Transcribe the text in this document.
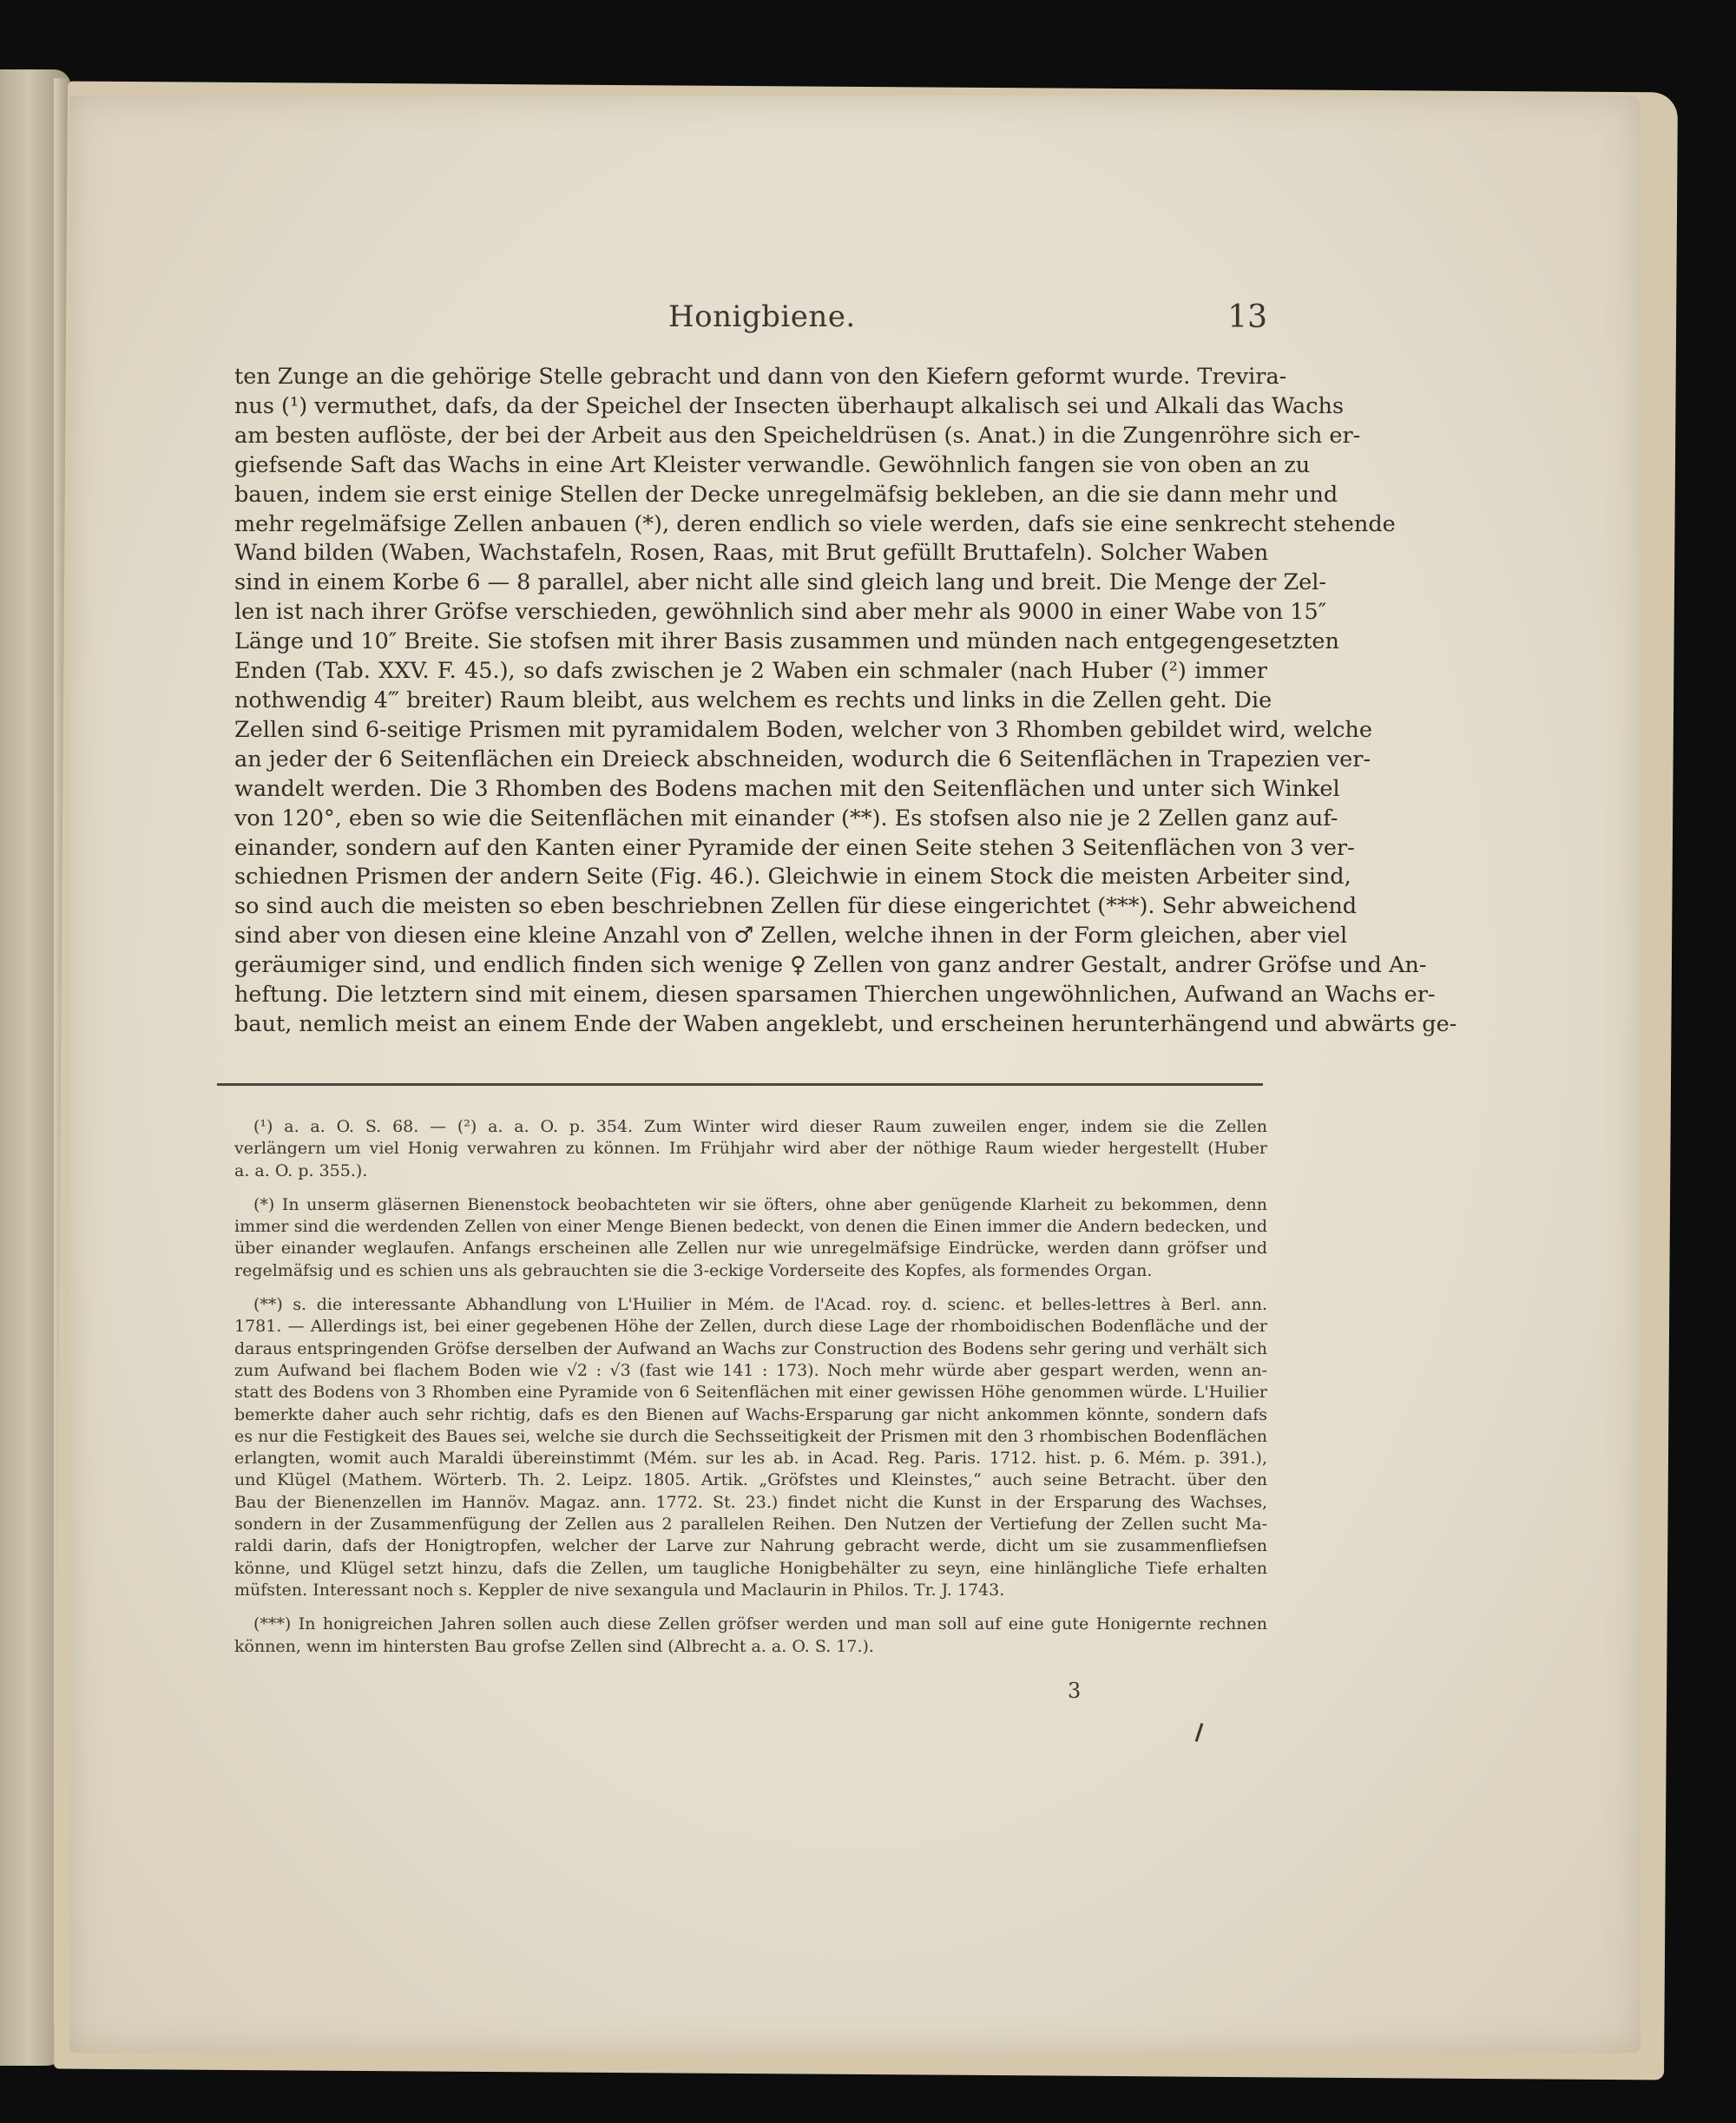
Honigbiene.	13
ten Zunge an die gehörige Stelle gebracht und dann von den Kiefern geformt wurde. Trevira-
nus (¹) vermuthet, dafs, da der Speichel der Insecten überhaupt alkalisch sei und Alkali das Wachs
am besten auflöste, der bei der Arbeit aus den Speicheldrüsen (s. Anat.) in die Zungenröhre sich er-
giefsende Saft das Wachs in eine Art Kleister verwandle. Gewöhnlich fangen sie von oben an zu
bauen, indem sie erst einige Stellen der Decke unregelmäfsig bekleben, an die sie dann mehr und
mehr regelmäfsige Zellen anbauen (*), deren endlich so viele werden, dafs sie eine senkrecht stehende
Wand bilden (Waben, Wachstafeln, Rosen, Raas, mit Brut gefüllt Bruttafeln). Solcher Waben
sind in einem Korbe 6 — 8 parallel, aber nicht alle sind gleich lang und breit. Die Menge der Zel-
len ist nach ihrer Gröfse verschieden, gewöhnlich sind aber mehr als 9000 in einer Wabe von 15″
Länge und 10″ Breite. Sie stofsen mit ihrer Basis zusammen und münden nach entgegengesetzten
Enden (Tab. XXV. F. 45.), so dafs zwischen je 2 Waben ein schmaler (nach Huber (²) immer
nothwendig 4‴ breiter) Raum bleibt, aus welchem es rechts und links in die Zellen geht. Die
Zellen sind 6-seitige Prismen mit pyramidalem Boden, welcher von 3 Rhomben gebildet wird, welche
an jeder der 6 Seitenflächen ein Dreieck abschneiden, wodurch die 6 Seitenflächen in Trapezien ver-
wandelt werden. Die 3 Rhomben des Bodens machen mit den Seitenflächen und unter sich Winkel
von 120°, eben so wie die Seitenflächen mit einander (**). Es stofsen also nie je 2 Zellen ganz auf-
einander, sondern auf den Kanten einer Pyramide der einen Seite stehen 3 Seitenflächen von 3 ver-
schiednen Prismen der andern Seite (Fig. 46.). Gleichwie in einem Stock die meisten Arbeiter sind,
so sind auch die meisten so eben beschriebnen Zellen für diese eingerichtet (***). Sehr abweichend
sind aber von diesen eine kleine Anzahl von ♂ Zellen, welche ihnen in der Form gleichen, aber viel
geräumiger sind, und endlich finden sich wenige ♀ Zellen von ganz andrer Gestalt, andrer Gröfse und An-
heftung. Die letztern sind mit einem, diesen sparsamen Thierchen ungewöhnlichen, Aufwand an Wachs er-
baut, nemlich meist an einem Ende der Waben angeklebt, und erscheinen herunterhängend und abwärts ge-
(¹) a. a. O. S. 68. — (²) a. a. O. p. 354. Zum Winter wird dieser Raum zuweilen enger, indem sie die Zellen
verlängern um viel Honig verwahren zu können. Im Frühjahr wird aber der nöthige Raum wieder hergestellt (Huber
a. a. O. p. 355.).
(*) In unserm gläsernen Bienenstock beobachteten wir sie öfters, ohne aber genügende Klarheit zu bekommen, denn
immer sind die werdenden Zellen von einer Menge Bienen bedeckt, von denen die Einen immer die Andern bedecken, und
über einander weglaufen. Anfangs erscheinen alle Zellen nur wie unregelmäfsige Eindrücke, werden dann gröfser und
regelmäfsig und es schien uns als gebrauchten sie die 3-eckige Vorderseite des Kopfes, als formendes Organ.
(**) s. die interessante Abhandlung von L'Huilier in Mém. de l'Acad. roy. d. scienc. et belles-lettres à Berl. ann.
1781. — Allerdings ist, bei einer gegebenen Höhe der Zellen, durch diese Lage der rhomboidischen Bodenfläche und der
daraus entspringenden Gröfse derselben der Aufwand an Wachs zur Construction des Bodens sehr gering und verhält sich
zum Aufwand bei flachem Boden wie √2 : √3 (fast wie 141 : 173). Noch mehr würde aber gespart werden, wenn an-
statt des Bodens von 3 Rhomben eine Pyramide von 6 Seitenflächen mit einer gewissen Höhe genommen würde. L'Huilier
bemerkte daher auch sehr richtig, dafs es den Bienen auf Wachs-Ersparung gar nicht ankommen könnte, sondern dafs
es nur die Festigkeit des Baues sei, welche sie durch die Sechsseitigkeit der Prismen mit den 3 rhombischen Bodenflächen
erlangten, womit auch Maraldi übereinstimmt (Mém. sur les ab. in Acad. Reg. Paris. 1712. hist. p. 6. Mém. p. 391.),
und Klügel (Mathem. Wörterb. Th. 2. Leipz. 1805. Artik. „Gröfstes und Kleinstes,“ auch seine Betracht. über den
Bau der Bienenzellen im Hannöv. Magaz. ann. 1772. St. 23.) findet nicht die Kunst in der Ersparung des Wachses,
sondern in der Zusammenfügung der Zellen aus 2 parallelen Reihen. Den Nutzen der Vertiefung der Zellen sucht Ma-
raldi darin, dafs der Honigtropfen, welcher der Larve zur Nahrung gebracht werde, dicht um sie zusammenfliefsen
könne, und Klügel setzt hinzu, dafs die Zellen, um taugliche Honigbehälter zu seyn, eine hinlängliche Tiefe erhalten
müfsten. Interessant noch s. Keppler de nive sexangula und Maclaurin in Philos. Tr. J. 1743.
(***) In honigreichen Jahren sollen auch diese Zellen gröfser werden und man soll auf eine gute Honigernte rechnen
können, wenn im hintersten Bau grofse Zellen sind (Albrecht a. a. O. S. 17.).
3
